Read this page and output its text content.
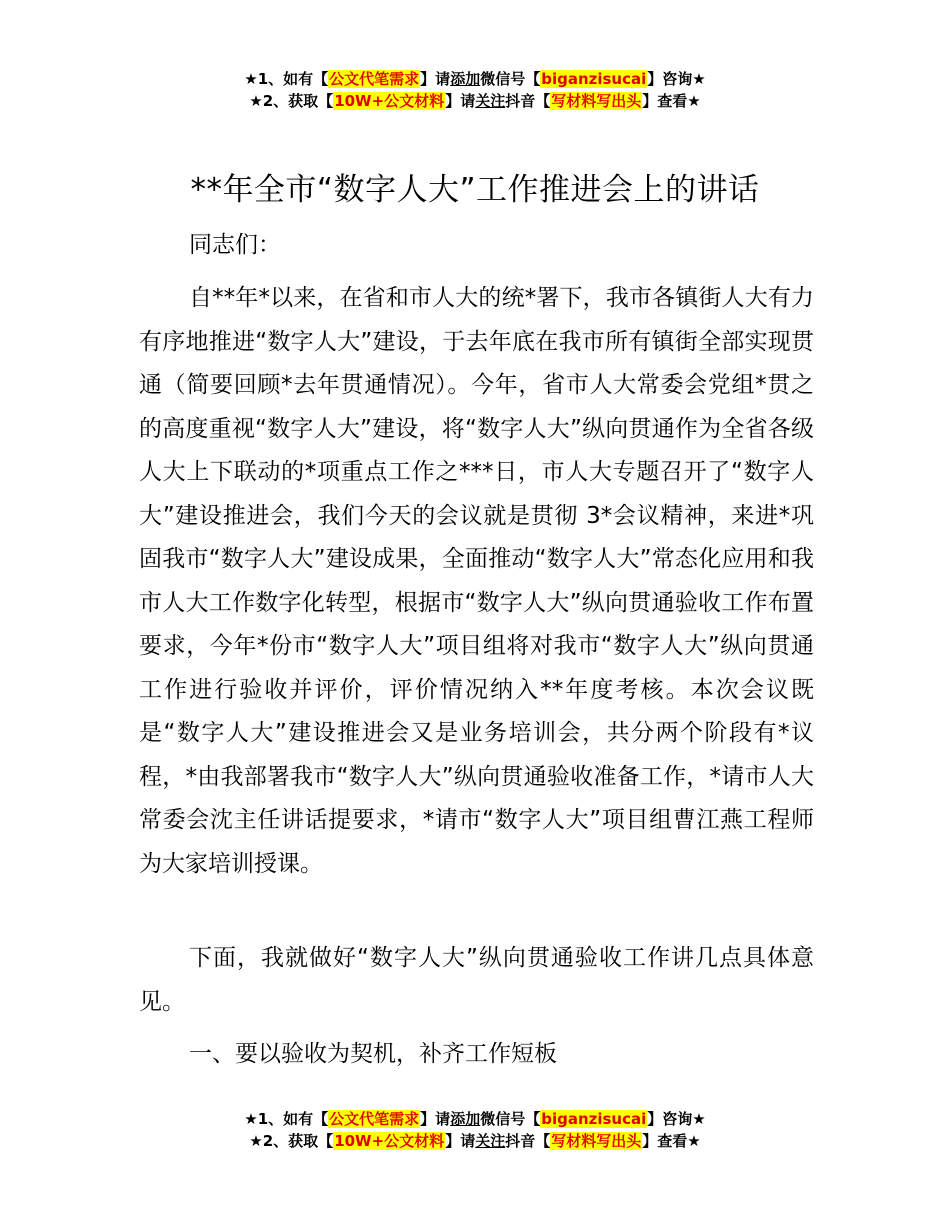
★1、如有【公文代笔需求】请添加微信号【biganzisucai】咨询★
★2、获取【10W+公文材料】请关注抖音【写材料写出头】查看★
**年全市“数字人大”工作推进会上的讲话

同志们：

自**年*以来，在省和市人大的统*署下，我市各镇街人大有力有序地推进“数字人大”建设，于去年底在我市所有镇街全部实现贯通（简要回顾*去年贯通情况）。今年，省市人大常委会党组*贯之的高度重视“数字人大”建设，将“数字人大”纵向贯通作为全省各级人大上下联动的*项重点工作之***日，市人大专题召开了“数字人大”建设推进会，我们今天的会议就是贯彻 3*会议精神，来进*巩固我市“数字人大”建设成果，全面推动“数字人大”常态化应用和我市人大工作数字化转型，根据市“数字人大”纵向贯通验收工作布置要求，今年*份市“数字人大”项目组将对我市“数字人大”纵向贯通工作进行验收并评价，评价情况纳入**年度考核。本次会议既是“数字人大”建设推进会又是业务培训会，共分两个阶段有*议程，*由我部署我市“数字人大”纵向贯通验收准备工作，*请市人大常委会沈主任讲话提要求，*请市“数字人大”项目组曹江燕工程师为大家培训授课。

下面，我就做好“数字人大”纵向贯通验收工作讲几点具体意见。

一、要以验收为契机，补齐工作短板

★1、如有【公文代笔需求】请添加微信号【biganzisucai】咨询★
★2、获取【10W+公文材料】请关注抖音【写材料写出头】查看★
